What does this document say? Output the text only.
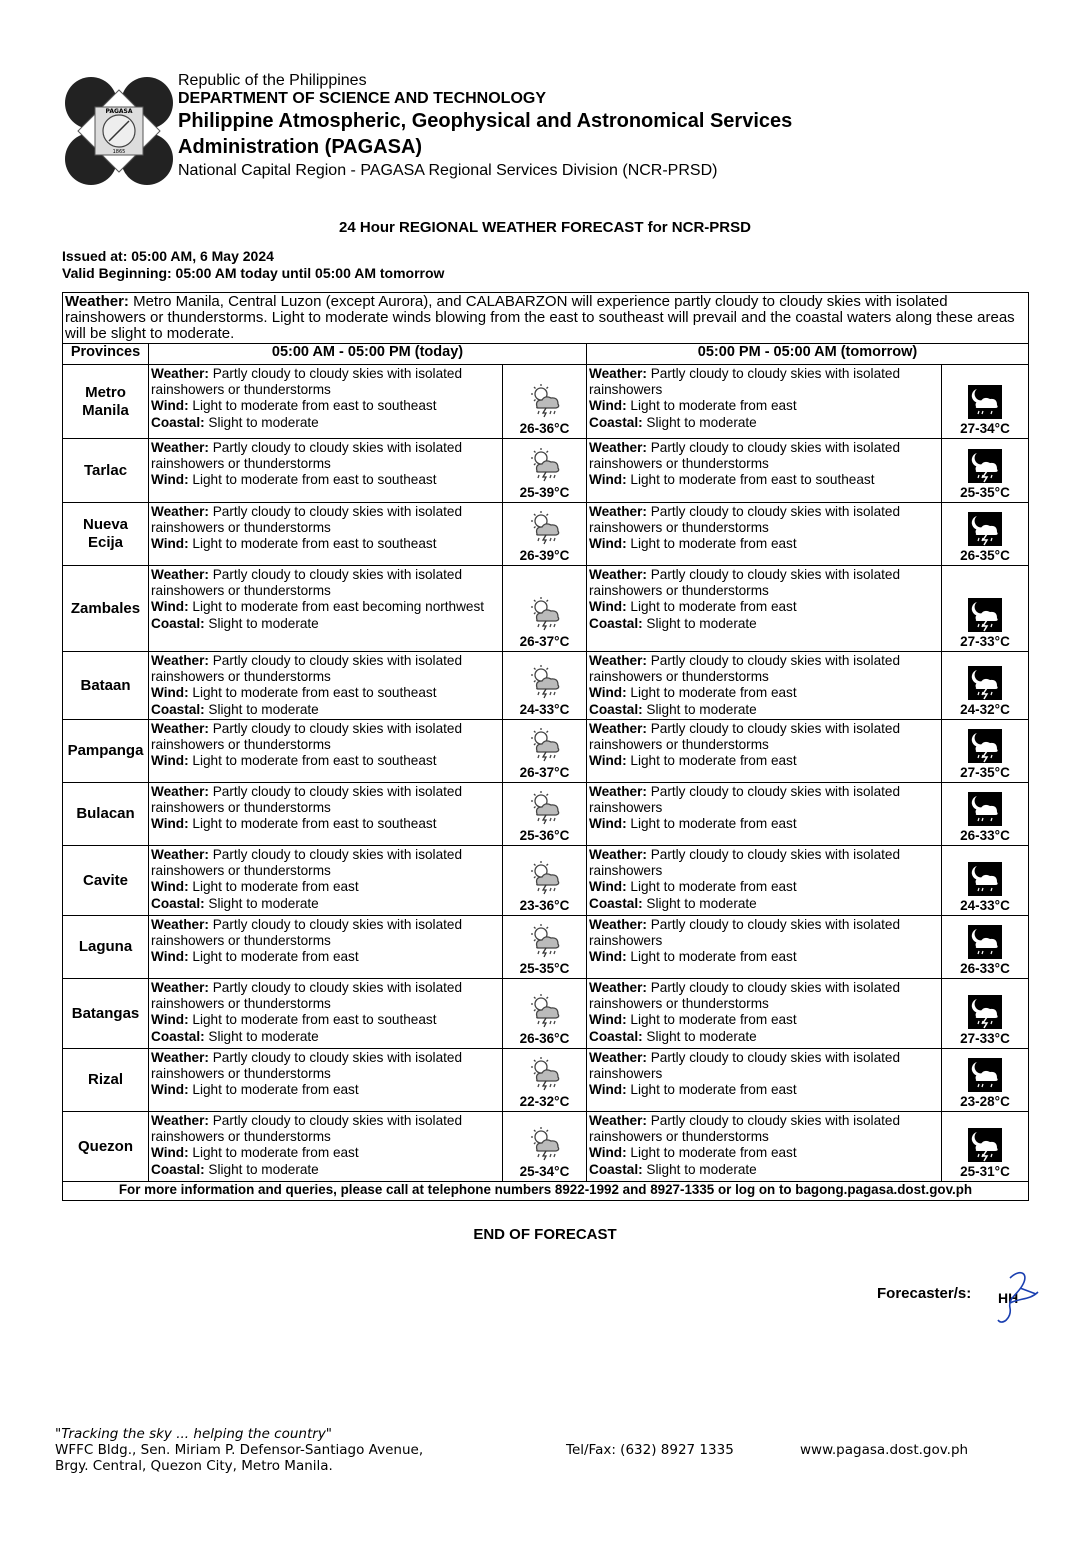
PAGASA
1865
Republic of the Philippines
DEPARTMENT OF SCIENCE AND TECHNOLOGY
Philippine Atmospheric, Geophysical and Astronomical Services
Administration (PAGASA)
National Capital Region - PAGASA Regional Services Division (NCR-PRSD)
24 Hour REGIONAL WEATHER FORECAST for NCR-PRSD
Issued at: 05:00 AM, 6 May 2024
Valid Beginning: 05:00 AM today until 05:00 AM tomorrow
Weather: Metro Manila, Central Luzon (except Aurora), and CALABARZON will experience partly cloudy to cloudy skies with isolated rainshowers or thunderstorms. Light to moderate winds blowing from the east to southeast will prevail and the coastal waters along these areas will be slight to moderate.				
Provinces	05:00 AM - 05:00 PM (today)		05:00 PM - 05:00 AM (tomorrow)	
Metro Manila	Weather: Partly cloudy to cloudy skies with isolated rainshowers or thunderstorms
Wind: Light to moderate from east to southeast
Coastal: Slight to moderate	26-36°C	Weather: Partly cloudy to cloudy skies with isolated rainshowers
Wind: Light to moderate from east
Coastal: Slight to moderate	27-34°C

Tarlac	Weather: Partly cloudy to cloudy skies with isolated rainshowers or thunderstorms
Wind: Light to moderate from east to southeast	25-39°C	Weather: Partly cloudy to cloudy skies with isolated rainshowers or thunderstorms
Wind: Light to moderate from east to southeast	25-35°C

Nueva Ecija	Weather: Partly cloudy to cloudy skies with isolated rainshowers or thunderstorms
Wind: Light to moderate from east to southeast	26-39°C	Weather: Partly cloudy to cloudy skies with isolated rainshowers or thunderstorms
Wind: Light to moderate from east	26-35°C

Zambales	Weather: Partly cloudy to cloudy skies with isolated rainshowers or thunderstorms
Wind: Light to moderate from east becoming northwest
Coastal: Slight to moderate	26-37°C	Weather: Partly cloudy to cloudy skies with isolated rainshowers or thunderstorms
Wind: Light to moderate from east
Coastal: Slight to moderate	27-33°C

Bataan	Weather: Partly cloudy to cloudy skies with isolated rainshowers or thunderstorms
Wind: Light to moderate from east to southeast
Coastal: Slight to moderate	24-33°C	Weather: Partly cloudy to cloudy skies with isolated rainshowers or thunderstorms
Wind: Light to moderate from east
Coastal: Slight to moderate	24-32°C

Pampanga	Weather: Partly cloudy to cloudy skies with isolated rainshowers or thunderstorms
Wind: Light to moderate from east to southeast	26-37°C	Weather: Partly cloudy to cloudy skies with isolated rainshowers or thunderstorms
Wind: Light to moderate from east	27-35°C

Bulacan	Weather: Partly cloudy to cloudy skies with isolated rainshowers or thunderstorms
Wind: Light to moderate from east to southeast	25-36°C	Weather: Partly cloudy to cloudy skies with isolated rainshowers
Wind: Light to moderate from east	26-33°C

Cavite	Weather: Partly cloudy to cloudy skies with isolated rainshowers or thunderstorms
Wind: Light to moderate from east
Coastal: Slight to moderate	23-36°C	Weather: Partly cloudy to cloudy skies with isolated rainshowers
Wind: Light to moderate from east
Coastal: Slight to moderate	24-33°C

Laguna	Weather: Partly cloudy to cloudy skies with isolated rainshowers or thunderstorms
Wind: Light to moderate from east	25-35°C	Weather: Partly cloudy to cloudy skies with isolated rainshowers
Wind: Light to moderate from east	26-33°C

Batangas	Weather: Partly cloudy to cloudy skies with isolated rainshowers or thunderstorms
Wind: Light to moderate from east to southeast
Coastal: Slight to moderate	26-36°C	Weather: Partly cloudy to cloudy skies with isolated rainshowers or thunderstorms
Wind: Light to moderate from east
Coastal: Slight to moderate	27-33°C

Rizal	Weather: Partly cloudy to cloudy skies with isolated rainshowers or thunderstorms
Wind: Light to moderate from east	22-32°C	Weather: Partly cloudy to cloudy skies with isolated rainshowers
Wind: Light to moderate from east	23-28°C

Quezon	Weather: Partly cloudy to cloudy skies with isolated rainshowers or thunderstorms
Wind: Light to moderate from east
Coastal: Slight to moderate	25-34°C	Weather: Partly cloudy to cloudy skies with isolated rainshowers or thunderstorms
Wind: Light to moderate from east
Coastal: Slight to moderate	25-31°C

For more information and queries, please call at telephone numbers 8922-1992 and 8927-1335 or log on to bagong.pagasa.dost.gov.ph				
END OF FORECAST
Forecaster/s: HH
"Tracking the sky ... helping the country"
WFFC Bldg., Sen. Miriam P. Defensor-Santiago Avenue,
Brgy. Central, Quezon City, Metro Manila.
Tel/Fax: (632) 8927 1335	www.pagasa.dost.gov.ph
